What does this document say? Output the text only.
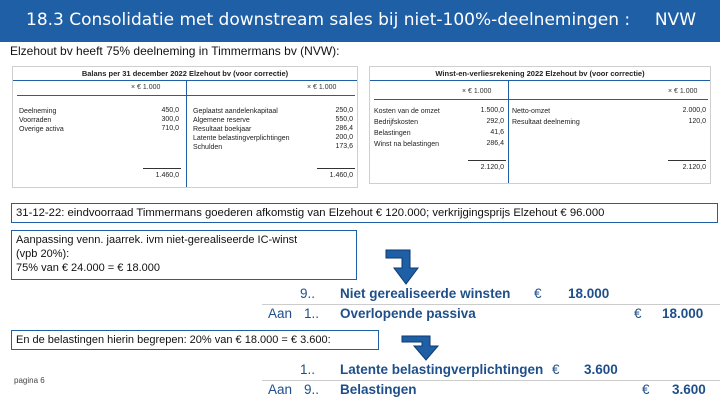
18.3 Consolidatie met downstream sales bij niet-100%-deelnemingen : NVW
Elzehout bv heeft 75% deelneming in Timmermans bv (NVW):
Balans per 31 december 2022 Elzehout bv (voor correctie)
× € 1.000	× € 1.000
Deelneming	450,0
Voorraden	300,0
Overige activa	710,0
Geplaatst aandelenkapitaal	250,0
Algemene reserve	550,0
Resultaat boekjaar	286,4
Latente belastingverplichtingen	200,0
Schulden	173,6
1.460,0	1.460,0
Winst-en-verliesrekening 2022 Elzehout bv (voor correctie)
× € 1.000	× € 1.000
Kosten van de omzet	1.500,0
Bedrijfskosten	292,0
Belastingen	41,6
Winst na belastingen	286,4
Netto-omzet	2.000,0
Resultaat deelneming	120,0
2.120,0	2.120,0
31-12-22: eindvoorraad Timmermans goederen afkomstig van Elzehout € 120.000; verkrijgingsprijs Elzehout € 96.000
Aanpassing venn. jaarrek. ivm niet-gerealiseerde IC-winst
(vpb 20%):
75% van € 24.000 = € 18.000
9.. Niet gerealiseerde winsten € 18.000
Aan 1.. Overlopende passiva	€ 18.000
En de belastingen hierin begrepen: 20% van € 18.000 = € 3.600:
1.. Latente belastingverplichtingen € 3.600
Aan 9.. Belastingen	€ 3.600
pagina 6
